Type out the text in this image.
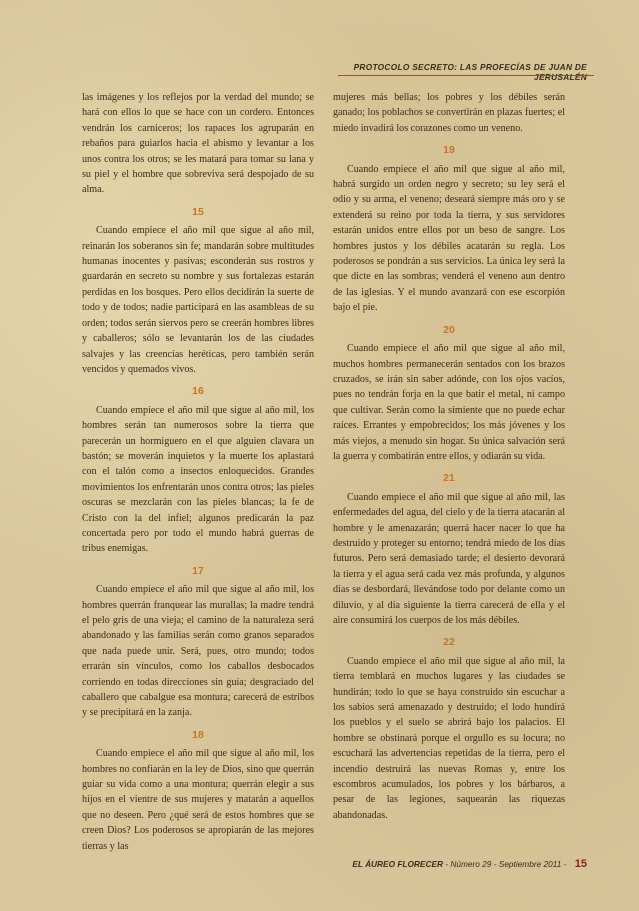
PROTOCOLO SECRETO: LAS PROFECÍAS DE JUAN DE JERUSALÉN

las imágenes y los reflejos por la verdad del mundo; se hará con ellos lo que se hace con un cordero. Entonces vendrán los carniceros; los rapaces los agruparán en rebaños para guiarlos hacia el abismo y levantar a los unos contra los otros; se les matará para tomar su lana y su piel y el hombre que sobreviva será despojado de su alma.

15

Cuando empiece el año mil que sigue al año mil, reinarán los soberanos sin fe; mandarán sobre multitudes humanas inocentes y pasivas; esconderán sus rostros y guardarán en secreto su nombre y sus fortalezas estarán perdidas en los bosques. Pero ellos decidirán la suerte de todo y de todos; nadie participará en las asambleas de su orden; todos serán siervos pero se creerán hombres libres y caballeros; sólo se levantarán los de las ciudades salvajes y las creencias heréticas, pero también serán vencidos y quemados vivos.

16

Cuando empiece el año mil que sigue al año mil, los hombres serán tan numerosos sobre la tierra que parecerán un hormiguero en el que alguien clavara un bastón; se moverán inquietos y la muerte los aplastará con el talón como a insectos enloquecidos. Grandes movimientos los enfrentarán unos contra otros; las pieles oscuras se mezclarán con las pieles blancas; la fe de Cristo con la del infiel; algunos predicarán la paz concertada pero por todo el mundo habrá guerras de tribus enemigas.

17

Cuando empiece el año mil que sigue al año mil, los hombres querrán franquear las murallas; la madre tendrá el pelo gris de una vieja; el camino de la naturaleza será abandonado y las familias serán como granos separados que nada puede unir. Será, pues, otro mundo; todos errarán sin vínculos, como los caballos desbocados corriendo en todas direcciones sin guía; desgraciado del caballero que cabalgue esa montura; carecerá de estribos y se precipitará en la zanja.

18

Cuando empiece el año mil que sigue al año mil, los hombres no confiarán en la ley de Dios, sino que querrán guiar su vida como a una montura; querrán elegir a sus hijos en el vientre de sus mujeres y matarán a aquellos que no deseen. Pero ¿qué será de estos hombres que se creen Dios? Los poderosos se apropiarán de las mejores tierras y las

mujeres más bellas; los pobres y los débiles serán ganado; los poblachos se convertirán en plazas fuertes; el miedo invadirá los corazones como un veneno.

19

Cuando empiece el año mil que sigue al año mil, habrá surgido un orden negro y secreto; su ley será el odio y su arma, el veneno; deseará siempre más oro y se extenderá su reino por toda la tierra, y sus servidores estarán unidos entre ellos por un beso de sangre. Los hombres justos y los débiles acatarán su regla. Los poderosos se pondrán a sus servicios. La única ley será la que dicte en las sombras; venderá el veneno aun dentro de las iglesias. Y el mundo avanzará con ese escorpión bajo el pie.

20

Cuando empiece el año mil que sigue al año mil, muchos hombres permanecerán sentados con los brazos cruzados, se irán sin saber adónde, con los ojos vacíos, pues no tendrán forja en la que batir el metal, ni campo que cultivar. Serán como la simiente que no puede echar raíces. Errantes y empobrecidos; los más jóvenes y los más viejos, a menudo sin hogar. Su única salvación será la guerra y combatirán entre ellos, y odiarán su vida.

21

Cuando empiece el año mil que sigue al año mil, las enfermedades del agua, del cielo y de la tierra atacarán al hombre y le amenazarán; querrá hacer nacer lo que ha destruido y proteger su entorno; tendrá miedo de los días futuros. Pero será demasiado tarde; el desierto devorará la tierra y el agua será cada vez más profunda, y algunos días se desbordará, llevándose todo por delante como un diluvio, y al día siguiente la tierra carecerá de ella y el aire consumirá los cuerpos de los más débiles.

22

Cuando empiece el año mil que sigue al año mil, la tierra temblará en muchos lugares y las ciudades se hundirán; todo lo que se haya construido sin escuchar a los sabios será amenazado y destruido; el lodo hundirá los pueblos y el suelo se abrirá bajo los palacios. El hombre se obstinará porque el orgullo es su locura; no escuchará las advertencias repetidas de la tierra, pero el incendio destruirá las nuevas Romas y, entre los escombros acumulados, los pobres y los bárbaros, a pesar de las legiones, saquearán las riquezas abandonadas.

EL ÁUREO FLORECER - Número 29 - Septiembre 2011 - 15
